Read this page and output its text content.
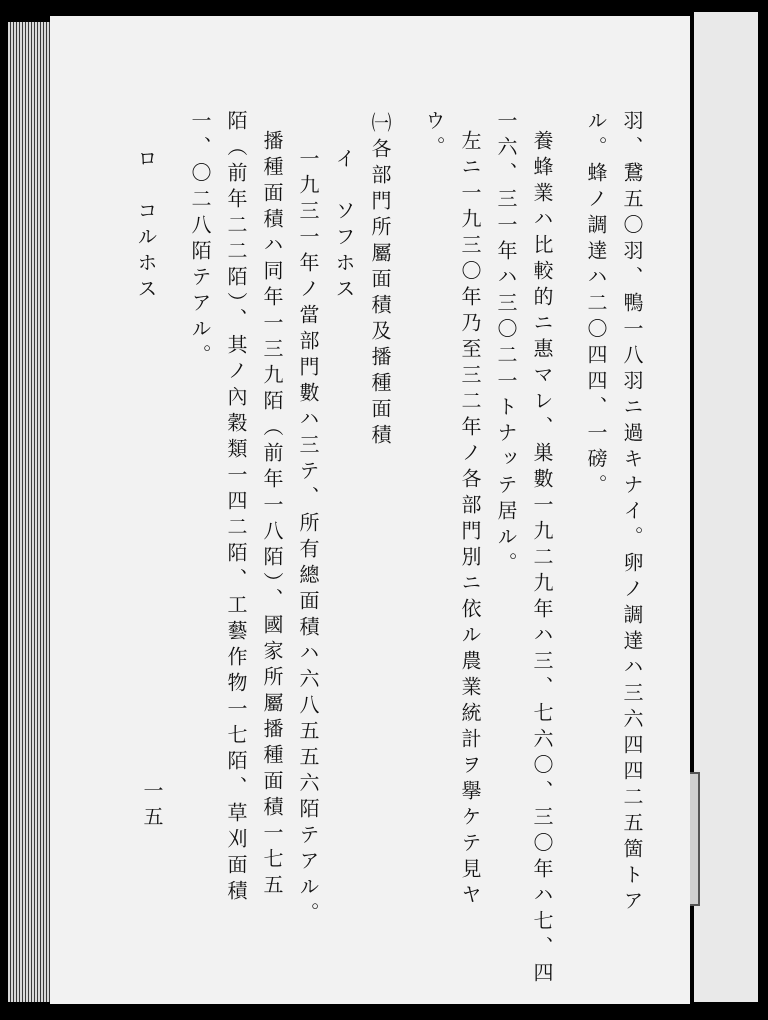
羽、鵞五〇羽、鴨一八羽ニ過キナイ。卵ノ調達ハ三六四四二五箇トア
ル。蜂ノ調達ハ二〇四四、一磅。
養蜂業ハ比較的ニ惠マレ、巣數一九二九年ハ三、七六〇、三〇年ハ七、四
一六、三一年ハ三〇二一トナッテ居ル。
左ニ一九三〇年乃至三二年ノ各部門別ニ依ル農業統計ヲ擧ケテ見ヤ
ウ。
㈠各部門所屬面積及播種面積
イ　ソフホス
一九三一年ノ當部門數ハ三テ、所有總面積ハ六八五五六陌テアル。
播種面積ハ同年一三九陌（前年一八陌）、國家所屬播種面積一七五
陌（前年二二陌）、其ノ內穀類一四二陌、工藝作物一七陌、草刈面積
一、〇二八陌テアル。
ロ　コルホス
一五
